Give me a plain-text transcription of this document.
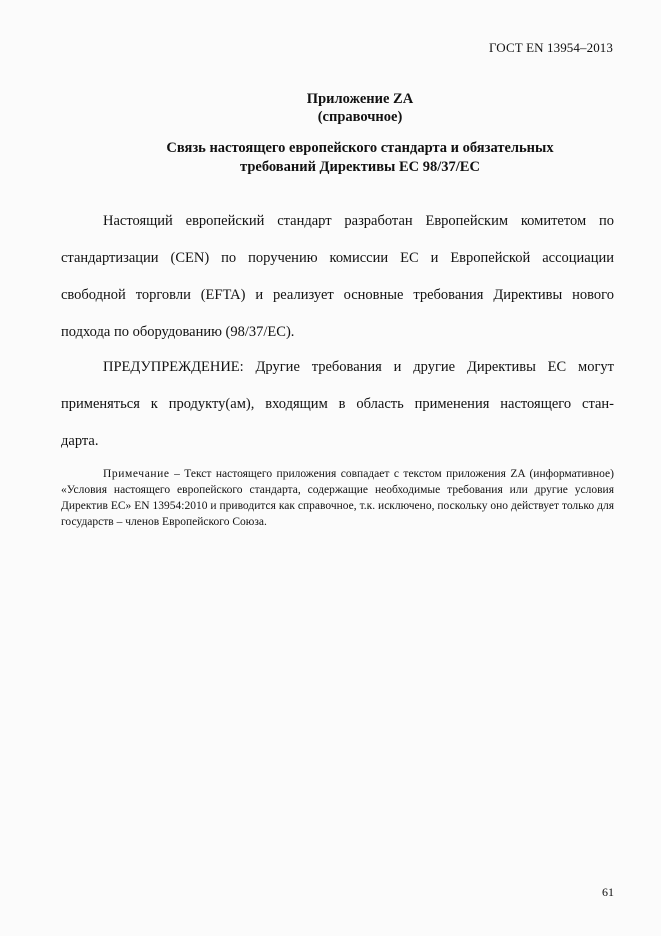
ГОСТ EN 13954–2013
Приложение ZA
(справочное)
Связь настоящего европейского стандарта и обязательных
требований Директивы ЕС 98/37/ЕС
Настоящий европейский стандарт разработан Европейским комитетом по
стандартизации (CEN) по поручению комиссии ЕС и Европейской ассоциации
свободной торговли (EFTA) и реализует основные требования Директивы нового
подхода по оборудованию (98/37/ЕС).
ПРЕДУПРЕЖДЕНИЕ: Другие требования и другие Директивы ЕС могут
применяться к продукту(ам), входящим в область применения настоящего стан-
дарта.
Примечание – Текст настоящего приложения совпадает с текстом приложения ZA (информативное) «Условия настоящего европейского стандарта, содержащие необходимые требования или другие условия Директив ЕС» EN 13954:2010 и приводится как справочное, т.к. исключено, поскольку оно действует только для государств – членов Европейского Союза.
61
